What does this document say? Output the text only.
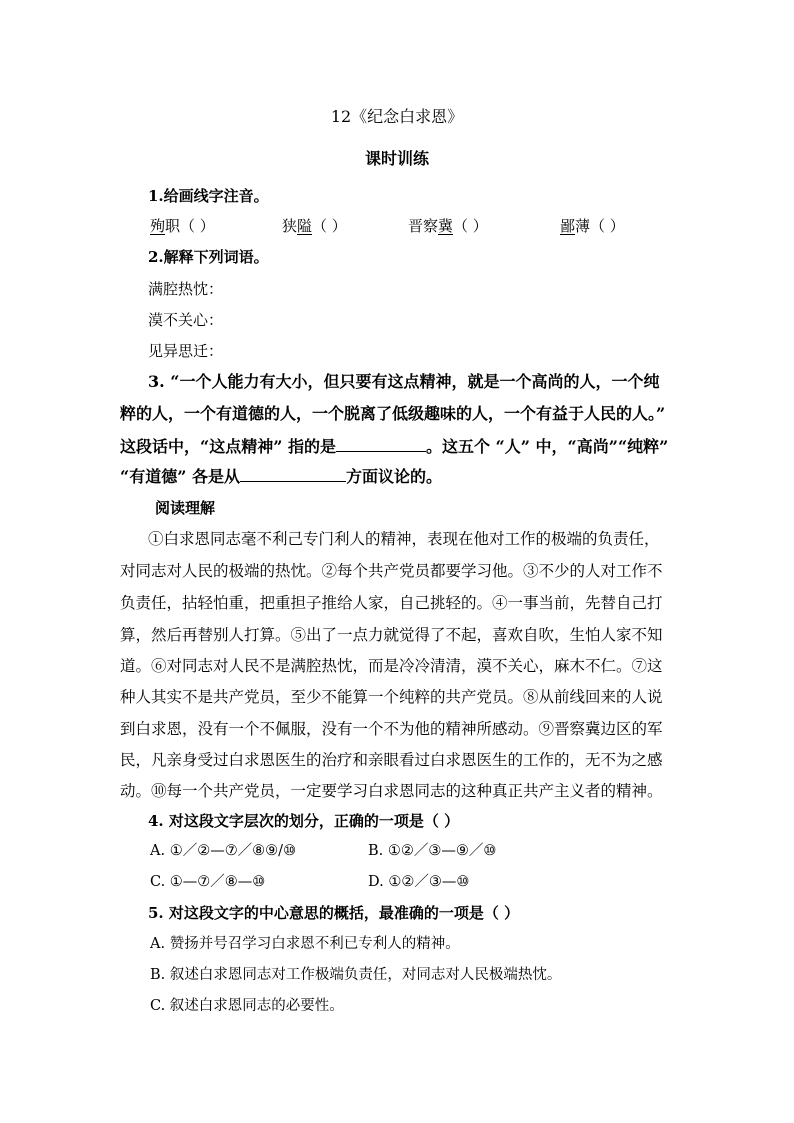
12《纪念白求恩》
课时训练
1.给画线字注音。
殉职（ ）	狭隘（ ）	晋察冀（ ）	鄙薄（ ）
2.解释下列词语。
满腔热忱：
漠不关心：
见异思迁：
3. “一个人能力有大小，但只要有这点精神，就是一个高尚的人，一个纯
粹的人，一个有道德的人，一个脱离了低级趣味的人，一个有益于人民的人。”
这段话中，“这点精神” 指的是	。这五个 “人” 中，“高尚”“纯粹”
“有道德” 各是从	方面议论的。
阅读理解
①白求恩同志毫不利己专门利人的精神，表现在他对工作的极端的负责任，
对同志对人民的极端的热忱。②每个共产党员都要学习他。③不少的人对工作不
负责任，拈轻怕重，把重担子推给人家，自己挑轻的。④一事当前，先替自己打
算，然后再替别人打算。⑤出了一点力就觉得了不起，喜欢自吹，生怕人家不知
道。⑥对同志对人民不是满腔热忱，而是冷冷清清，漠不关心，麻木不仁。⑦这
种人其实不是共产党员，至少不能算一个纯粹的共产党员。⑧从前线回来的人说
到白求恩，没有一个不佩服，没有一个不为他的精神所感动。⑨晋察冀边区的军
民，凡亲身受过白求恩医生的治疗和亲眼看过白求恩医生的工作的，无不为之感
动。⑩每一个共产党员，一定要学习白求恩同志的这种真正共产主义者的精神。
4. 对这段文字层次的划分，正确的一项是（ ）
A. ①／②—⑦／⑧⑨/⑩	B. ①②／③—⑨／⑩
C. ①—⑦／⑧—⑩	D. ①②／③—⑩
5. 对这段文字的中心意思的概括，最准确的一项是（ ）
A. 赞扬并号召学习白求恩不利已专利人的精神。
B. 叙述白求恩同志对工作极端负责任，对同志对人民极端热忱。
C. 叙述白求恩同志的必要性。
